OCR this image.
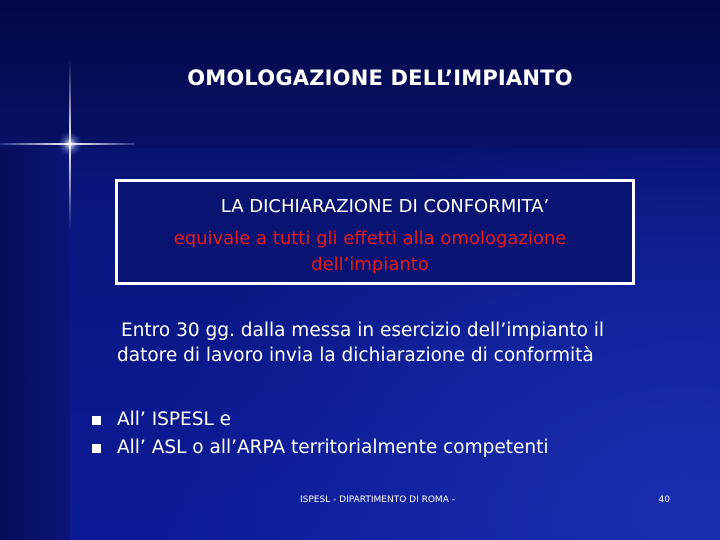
OMOLOGAZIONE DELL’IMPIANTO
LA DICHIARAZIONE DI CONFORMITA’
equivale a tutti gli effetti alla omologazione
dell’impianto
Entro 30 gg. dalla messa in esercizio dell’impianto il
datore di lavoro invia la dichiarazione di conformità
All’ ISPESL e
All’ ASL o all’ARPA territorialmente competenti
ISPESL - DIPARTIMENTO DI ROMA -	40
